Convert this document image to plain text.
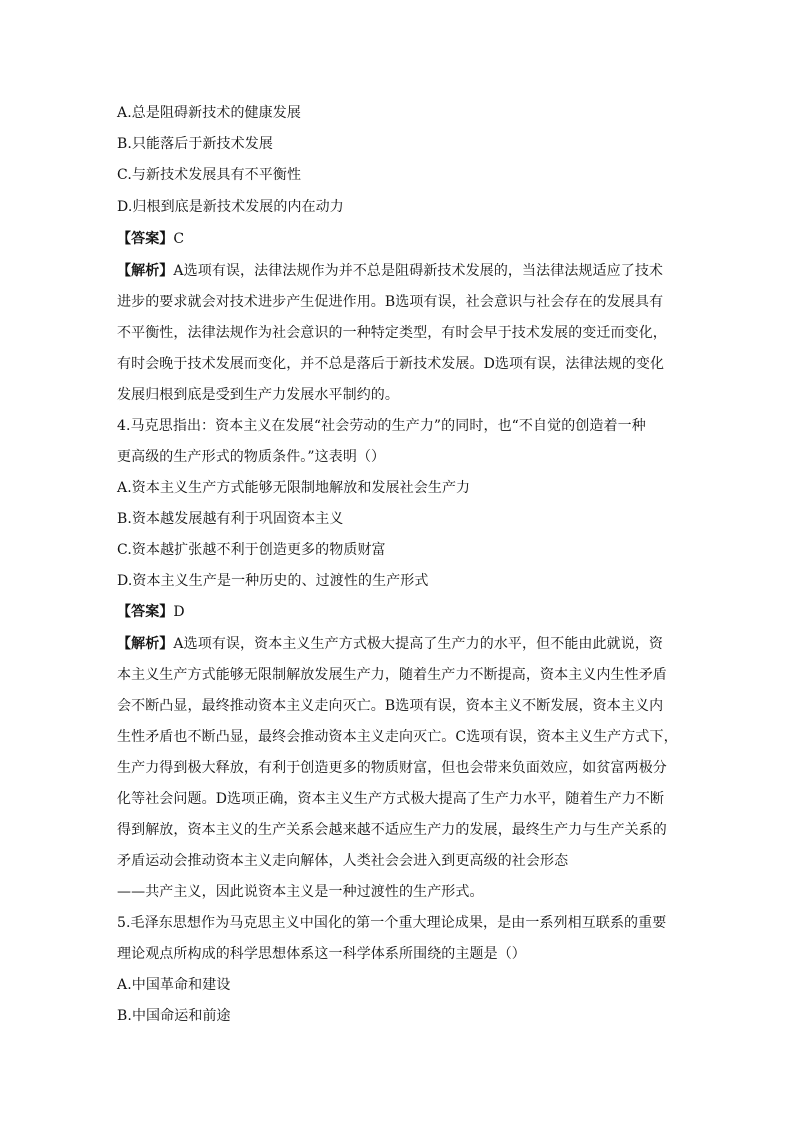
A.总是阻碍新技术的健康发展
B.只能落后于新技术发展
C.与新技术发展具有不平衡性
D.归根到底是新技术发展的内在动力
【答案】C
【解析】A选项有误，法律法规作为并不总是阻碍新技术发展的，当法律法规适应了技术
进步的要求就会对技术进步产生促进作用。B选项有误，社会意识与社会存在的发展具有
不平衡性，法律法规作为社会意识的一种特定类型，有时会早于技术发展的变迁而变化，
有时会晚于技术发展而变化，并不总是落后于新技术发展。D选项有误，法律法规的变化
发展归根到底是受到生产力发展水平制约的。
4.马克思指出：资本主义在发展“社会劳动的生产力”的同时，也“不自觉的创造着一种
更高级的生产形式的物质条件。”这表明（）
A.资本主义生产方式能够无限制地解放和发展社会生产力
B.资本越发展越有利于巩固资本主义
C.资本越扩张越不利于创造更多的物质财富
D.资本主义生产是一种历史的、过渡性的生产形式
【答案】D
【解析】A选项有误，资本主义生产方式极大提高了生产力的水平，但不能由此就说，资
本主义生产方式能够无限制解放发展生产力，随着生产力不断提高，资本主义内生性矛盾
会不断凸显，最终推动资本主义走向灭亡。B选项有误，资本主义不断发展，资本主义内
生性矛盾也不断凸显，最终会推动资本主义走向灭亡。C选项有误，资本主义生产方式下，
生产力得到极大释放，有利于创造更多的物质财富，但也会带来负面效应，如贫富两极分
化等社会问题。D选项正确，资本主义生产方式极大提高了生产力水平，随着生产力不断
得到解放，资本主义的生产关系会越来越不适应生产力的发展，最终生产力与生产关系的
矛盾运动会推动资本主义走向解体，人类社会会进入到更高级的社会形态
——共产主义，因此说资本主义是一种过渡性的生产形式。
5.毛泽东思想作为马克思主义中国化的第一个重大理论成果，是由一系列相互联系的重要
理论观点所构成的科学思想体系这一科学体系所围绕的主题是（）
A.中国革命和建设
B.中国命运和前途
